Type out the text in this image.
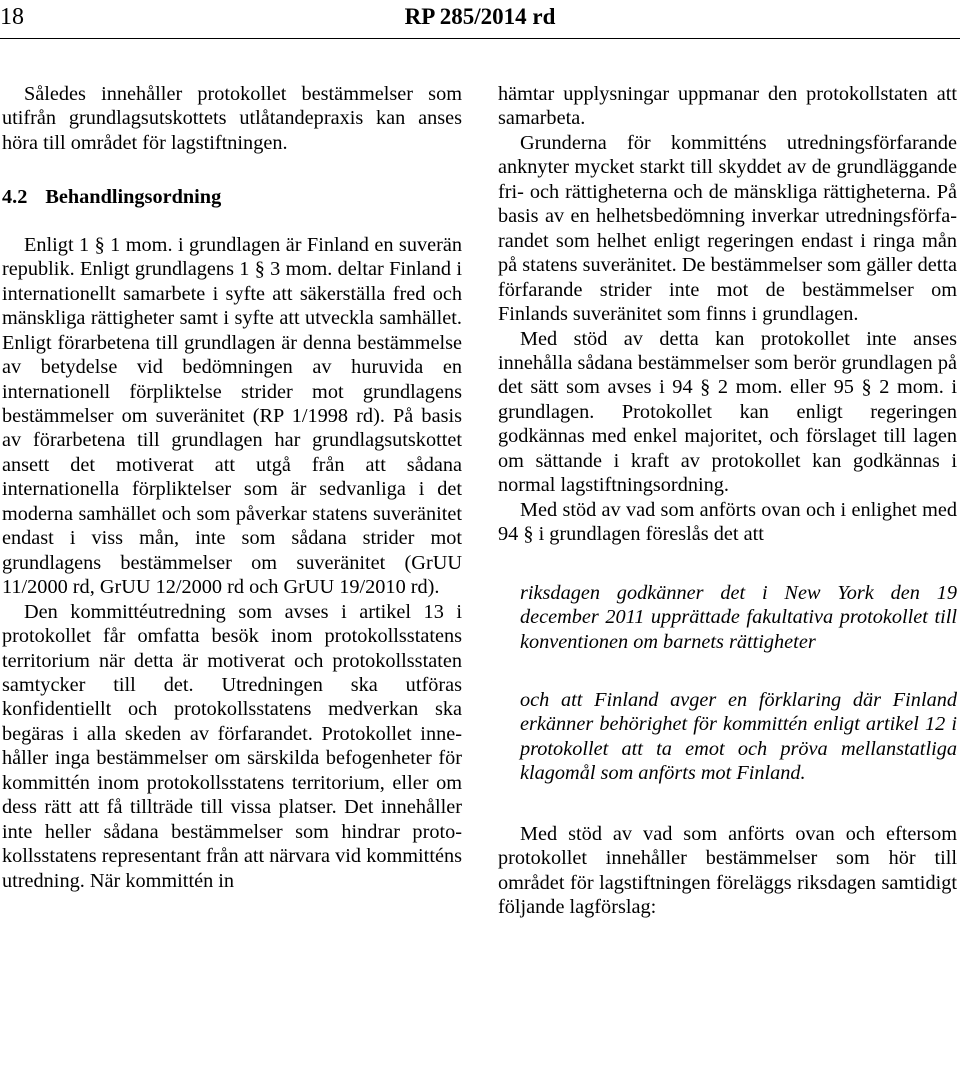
18	RP 285/2014 rd

Således innehåller protokollet bestämmelser som utifrån grundlagsutskottets utlåtandepraxis kan anses höra till området för lagstiftningen.

4.2 Behandlingsordning

Enligt 1 § 1 mom. i grundlagen är Finland en suverän republik. Enligt grundlagens 1 § 3 mom. deltar Finland i internationellt samarbete i syfte att säkerställa fred och mänskliga rättigheter samt i syfte att utveckla samhället. Enligt förarbetena till grundlagen är denna bestämmelse av betydelse vid bedömningen av huruvida en internationell förpliktelse strider mot grundlagens bestämmelser om suveränitet (RP 1/1998 rd). På basis av förarbetena till grundlagen har grundlagsutskottet ansett det motiverat att utgå från att sådana internationella förpliktelser som är sedvanliga i det moderna samhället och som påverkar statens suveränitet endast i viss mån, inte som sådana strider mot grundlagens bestämmelser om suveränitet (GrUU 11/2000 rd, GrUU 12/2000 rd och GrUU 19/2010 rd).

Den kommittéutredning som avses i artikel 13 i protokollet får omfatta besök inom protokollsstatens territorium när detta är motiverat och protokollsstaten samtycker till det. Utredningen ska utföras konfidentiellt och protokollsstatens medverkan ska begäras i alla skeden av förfarandet. Protokollet innehåller inga bestämmelser om särskilda befogenheter för kommittén inom protokollsstatens territorium, eller om dess rätt att få tillträde till vissa platser. Det innehåller inte heller sådana bestämmelser som hindrar protokollsstatens representant från att närvara vid kommitténs utredning. När kommittén in

hämtar upplysningar uppmanar den protokollstaten att samarbeta.

Grunderna för kommitténs utredningsförfarande anknyter mycket starkt till skyddet av de grundläggande fri- och rättigheterna och de mänskliga rättigheterna. På basis av en helhetsbedömning inverkar utredningsförfarandet som helhet enligt regeringen endast i ringa mån på statens suveränitet. De bestämmelser som gäller detta förfarande strider inte mot de bestämmelser om Finlands suveränitet som finns i grundlagen.

Med stöd av detta kan protokollet inte anses innehålla sådana bestämmelser som berör grundlagen på det sätt som avses i 94 § 2 mom. eller 95 § 2 mom. i grundlagen. Protokollet kan enligt regeringen godkännas med enkel majoritet, och förslaget till lagen om sättande i kraft av protokollet kan godkännas i normal lagstiftningsordning.

Med stöd av vad som anförts ovan och i enlighet med 94 § i grundlagen föreslås det att

riksdagen godkänner det i New York den 19 december 2011 upprättade fakultativa protokollet till konventionen om barnets rättigheter

och att Finland avger en förklaring där Finland erkänner behörighet för kommittén enligt artikel 12 i protokollet att ta emot och pröva mellanstatliga klagomål som anförts mot Finland.

Med stöd av vad som anförts ovan och eftersom protokollet innehåller bestämmelser som hör till området för lagstiftningen föreläggs riksdagen samtidigt följande lagförslag:
